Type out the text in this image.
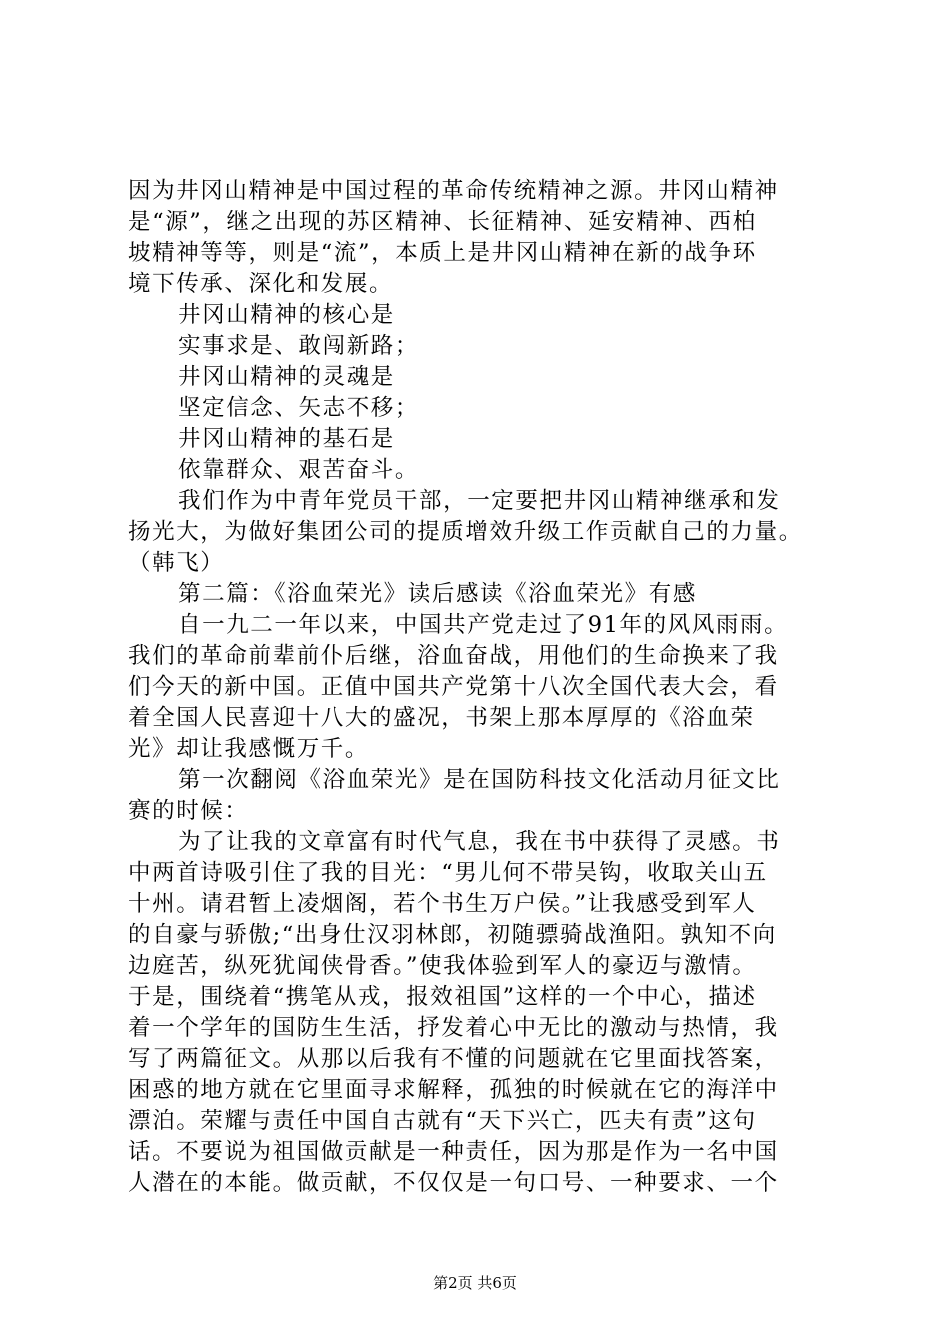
因为井冈山精神是中国过程的革命传统精神之源。井冈山精神
是“源”，继之出现的苏区精神、长征精神、延安精神、西柏
坡精神等等，则是“流”，本质上是井冈山精神在新的战争环
境下传承、深化和发展。
井冈山精神的核心是
实事求是、敢闯新路；
井冈山精神的灵魂是
坚定信念、矢志不移；
井冈山精神的基石是
依靠群众、艰苦奋斗。
我们作为中青年党员干部，一定要把井冈山精神继承和发
扬光大，为做好集团公司的提质增效升级工作贡献自己的力量。
（韩飞）
第二篇：《浴血荣光》读后感读《浴血荣光》有感
自一九二一年以来，中国共产党走过了91年的风风雨雨。
我们的革命前辈前仆后继，浴血奋战，用他们的生命换来了我
们今天的新中国。正值中国共产党第十八次全国代表大会，看
着全国人民喜迎十八大的盛况，书架上那本厚厚的《浴血荣
光》却让我感慨万千。
第一次翻阅《浴血荣光》是在国防科技文化活动月征文比
赛的时候：
为了让我的文章富有时代气息，我在书中获得了灵感。书
中两首诗吸引住了我的目光：“男儿何不带吴钩，收取关山五
十州。请君暂上凌烟阁，若个书生万户侯。”让我感受到军人
的自豪与骄傲;“出身仕汉羽林郎，初随骠骑战渔阳。孰知不向
边庭苦，纵死犹闻侠骨香。”使我体验到军人的豪迈与激情。
于是，围绕着“携笔从戎，报效祖国”这样的一个中心，描述
着一个学年的国防生生活，抒发着心中无比的激动与热情，我
写了两篇征文。从那以后我有不懂的问题就在它里面找答案，
困惑的地方就在它里面寻求解释，孤独的时候就在它的海洋中
漂泊。荣耀与责任中国自古就有“天下兴亡，匹夫有责”这句
话。不要说为祖国做贡献是一种责任，因为那是作为一名中国
人潜在的本能。做贡献，不仅仅是一句口号、一种要求、一个
第2页 共6页
